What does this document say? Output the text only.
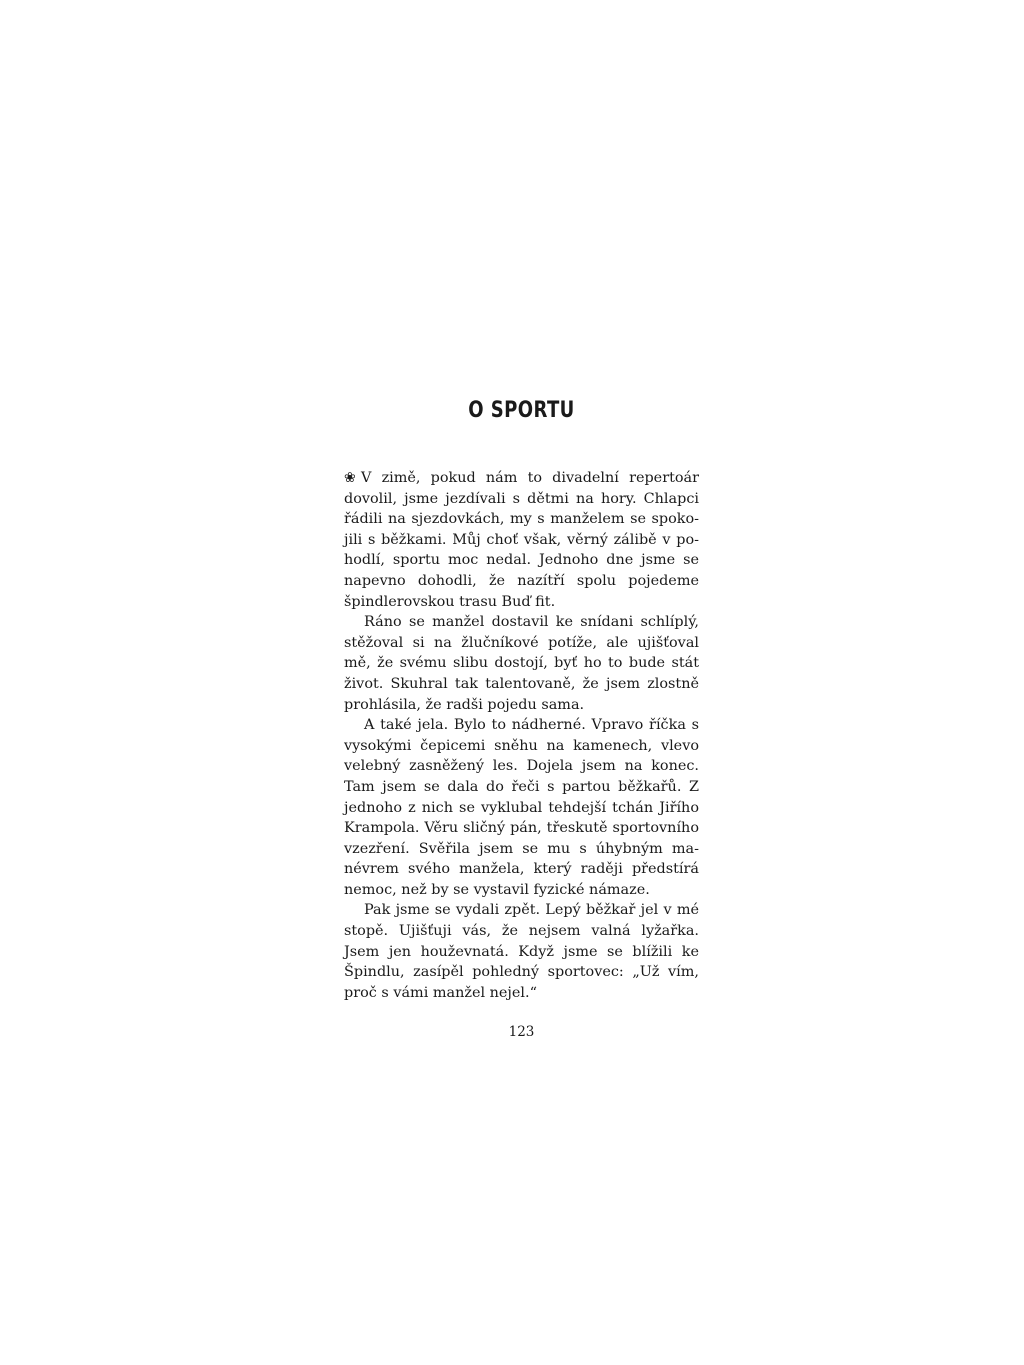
O SPORTU

❀ V zimě, pokud nám to divadelní repertoár dovolil, jsme jezdívali s dětmi na hory. Chlapci řádili na sjezdovkách, my s manželem se spokojili s běžkami. Můj choť však, věrný zálibě v pohodlí, sportu moc nedal. Jednoho dne jsme se napevno dohodli, že nazítří spolu pojedeme špindlerovskou trasu Buď fit.

Ráno se manžel dostavil ke snídani schlíplý, stěžoval si na žlučníkové potíže, ale ujišťoval mě, že svému slibu dostojí, byť ho to bude stát život. Skuhral tak talentovaně, že jsem zlostně prohlásila, že radši pojedu sama.

A také jela. Bylo to nádherné. Vpravo říčka s vysokými čepicemi sněhu na kamenech, vlevo velebný zasněžený les. Dojela jsem na konec. Tam jsem se dala do řeči s partou běžkařů. Z jednoho z nich se vyklubal tehdejší tchán Jiřího Krampola. Věru sličný pán, třeskutě sportovního vzezření. Svěřila jsem se mu s úhybným manévrem svého manžela, který raději předstírá nemoc, než by se vystavil fyzické námaze.

Pak jsme se vydali zpět. Lepý běžkař jel v mé stopě. Ujišťuji vás, že nejsem valná lyžařka. Jsem jen houževnatá. Když jsme se blížili ke Špindlu, zasípěl pohledný sportovec: „Už vím, proč s vámi manžel nejel.“

123
